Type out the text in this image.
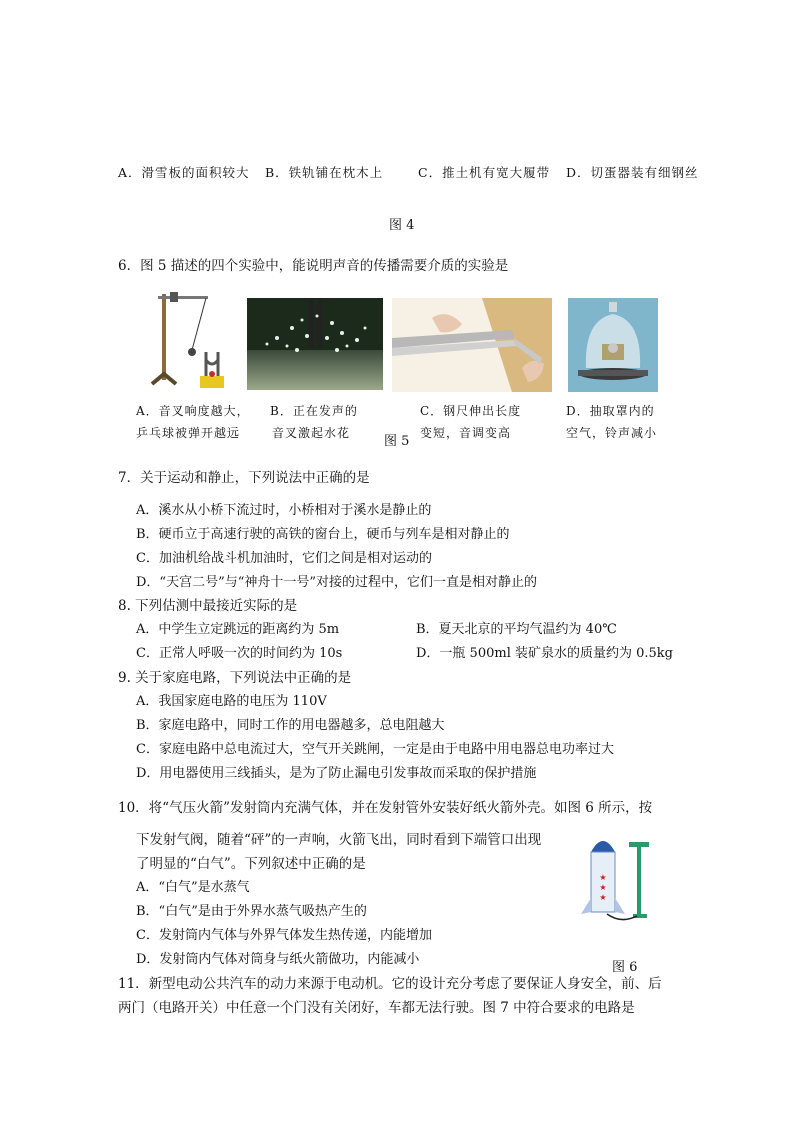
A．滑雪板的面积较大 B．铁轨铺在枕木上	C．推土机有宽大履带 D．切蛋器装有细钢丝
图 4
6．图 5 描述的四个实验中，能说明声音的传播需要介质的实验是
A．音叉响度越大，
乒乓球被弹开越远
B．正在发声的
音叉激起水花
C．钢尺伸出长度
变短，音调变高
D．抽取罩内的
空气，铃声减小
图 5
7．关于运动和静止，下列说法中正确的是
A．溪水从小桥下流过时，小桥相对于溪水是静止的
B．硬币立于高速行驶的高铁的窗台上，硬币与列车是相对静止的
C．加油机给战斗机加油时，它们之间是相对运动的
D．“天宫二号”与“神舟十一号”对接的过程中，它们一直是相对静止的
8. 下列估测中最接近实际的是
A．中学生立定跳远的距离约为 5m	B．夏天北京的平均气温约为 40℃
C．正常人呼吸一次的时间约为 10s	D．一瓶 500ml 装矿泉水的质量约为 0.5kg
9. 关于家庭电路，下列说法中正确的是
A．我国家庭电路的电压为 110V
B．家庭电路中，同时工作的用电器越多，总电阻越大
C．家庭电路中总电流过大，空气开关跳闸，一定是由于电路中用电器总电功率过大
D．用电器使用三线插头，是为了防止漏电引发事故而采取的保护措施
10．将“气压火箭”发射筒内充满气体，并在发射管外安装好纸火箭外壳。如图 6 所示，按
下发射气阀，随着“砰”的一声响，火箭飞出，同时看到下端管口出现
了明显的“白气”。下列叙述中正确的是
A．“白气”是水蒸气
B．“白气”是由于外界水蒸气吸热产生的
C．发射筒内气体与外界气体发生热传递，内能增加
D．发射筒内气体对筒身与纸火箭做功，内能减小
★
★
★
图 6
11．新型电动公共汽车的动力来源于电动机。它的设计充分考虑了要保证人身安全，前、后
两门（电路开关）中任意一个门没有关闭好，车都无法行驶。图 7 中符合要求的电路是
